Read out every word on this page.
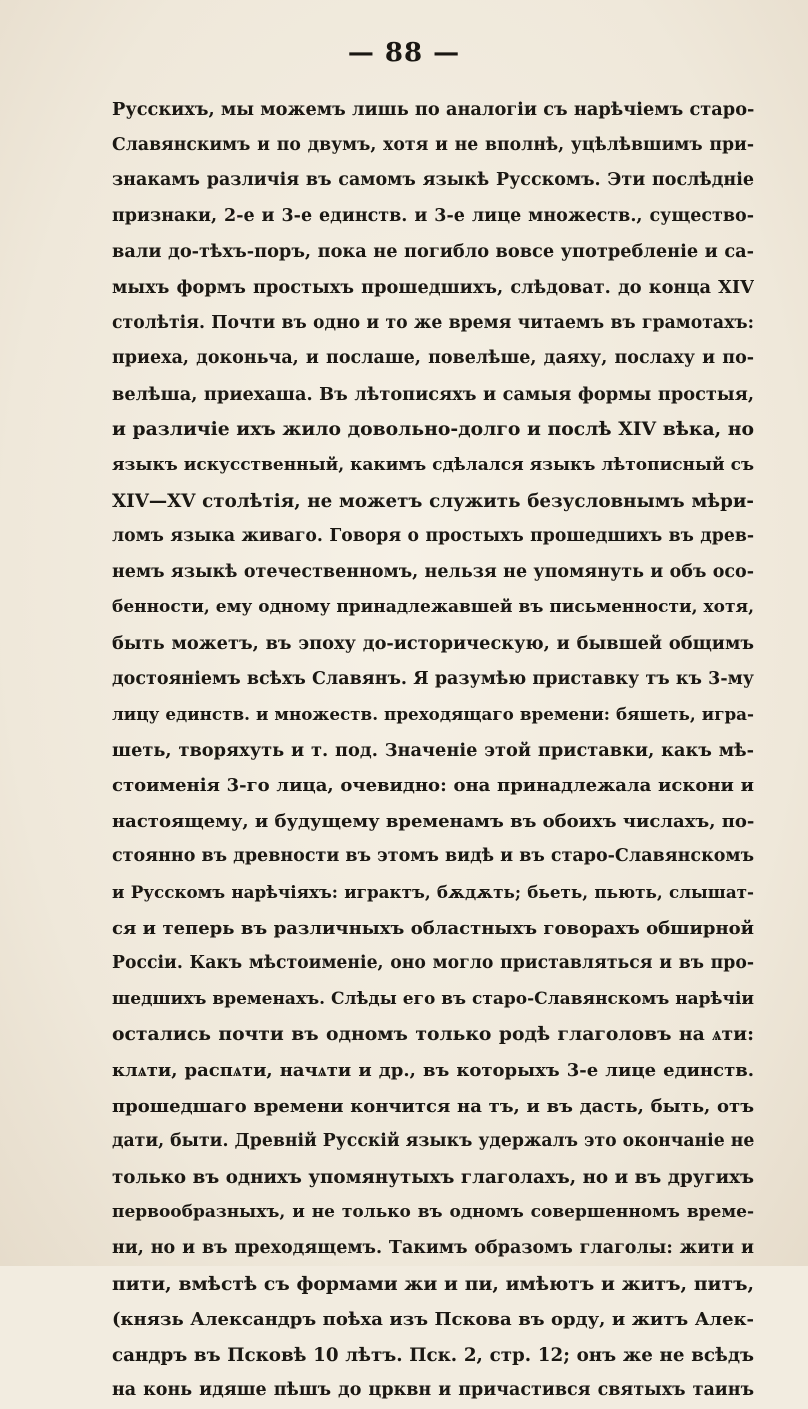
— 88 —
Русскихъ, мы можемъ лишь по аналогіи съ нарѣчіемъ старо-
Славянскимъ и по двумъ, хотя и не вполнѣ, уцѣлѣвшимъ при-
знакамъ различія въ самомъ языкѣ Русскомъ. Эти послѣдніе
признаки, 2-е и 3-е единств. и 3-е лице множеств., существо-
вали до-тѣхъ-поръ, пока не погибло вовсе употребленіе и са-
мыхъ формъ простыхъ прошедшихъ, слѣдоват. до конца XIV
столѣтія. Почти въ одно и то же время читаемъ въ грамотахъ:
приеха, доконьча, и послаше, повелѣше, даяху, послаху и по-
велѣша, приехаша. Въ лѣтописяхъ и самыя формы простыя,
и различіе ихъ жило довольно-долго и послѣ XIV вѣка, но
языкъ искусственный, какимъ сдѣлался языкъ лѣтописный съ
XIV—XV столѣтія, не можетъ служить безусловнымъ мѣри-
ломъ языка живаго. Говоря о простыхъ прошедшихъ въ древ-
немъ языкѣ отечественномъ, нельзя не упомянуть и объ осо-
бенности, ему одному принадлежавшей въ письменности, хотя,
быть можетъ, въ эпоху до-историческую, и бывшей общимъ
достояніемъ всѣхъ Славянъ. Я разумѣю приставку тъ къ 3-му
лицу единств. и множеств. преходящаго времени: бяшеть, игра-
шеть, творяхуть и т. под. Значеніе этой приставки, какъ мѣ-
стоименія 3-го лица, очевидно: она принадлежала искони и
настоящему, и будущему временамъ въ обоихъ числахъ, по-
стоянно въ древности въ этомъ видѣ и въ старо-Славянскомъ
и Русскомъ нарѣчіяхъ: играктъ, бѫдѫть; бьеть, пьють, слышат-
ся и теперь въ различныхъ областныхъ говорахъ обширной
Россіи. Какъ мѣстоименіе, оно могло приставляться и въ про-
шедшихъ временахъ. Слѣды его въ старо-Славянскомъ нарѣчіи
остались почти въ одномъ только родѣ глаголовъ на ѧти:
клѧти, распѧти, начѧти и др., въ которыхъ 3-е лице единств.
прошедшаго времени кончится на тъ, и въ дасть, быть, отъ
дати, быти. Древній Русскій языкъ удержалъ это окончаніе не
только въ однихъ упомянутыхъ глаголахъ, но и въ другихъ
первообразныхъ, и не только въ одномъ совершенномъ време-
ни, но и въ преходящемъ. Такимъ образомъ глаголы: жити и
пити, вмѣстѣ съ формами жи и пи, имѣютъ и житъ, питъ,
(князь Александръ поѣха изъ Пскова въ орду, и житъ Алек-
сандръ въ Псковѣ 10 лѣтъ. Пск. 2, стр. 12; онъ же не всѣдъ
на конь идяше пѣшъ до црквн и причастився святыхъ таинъ
